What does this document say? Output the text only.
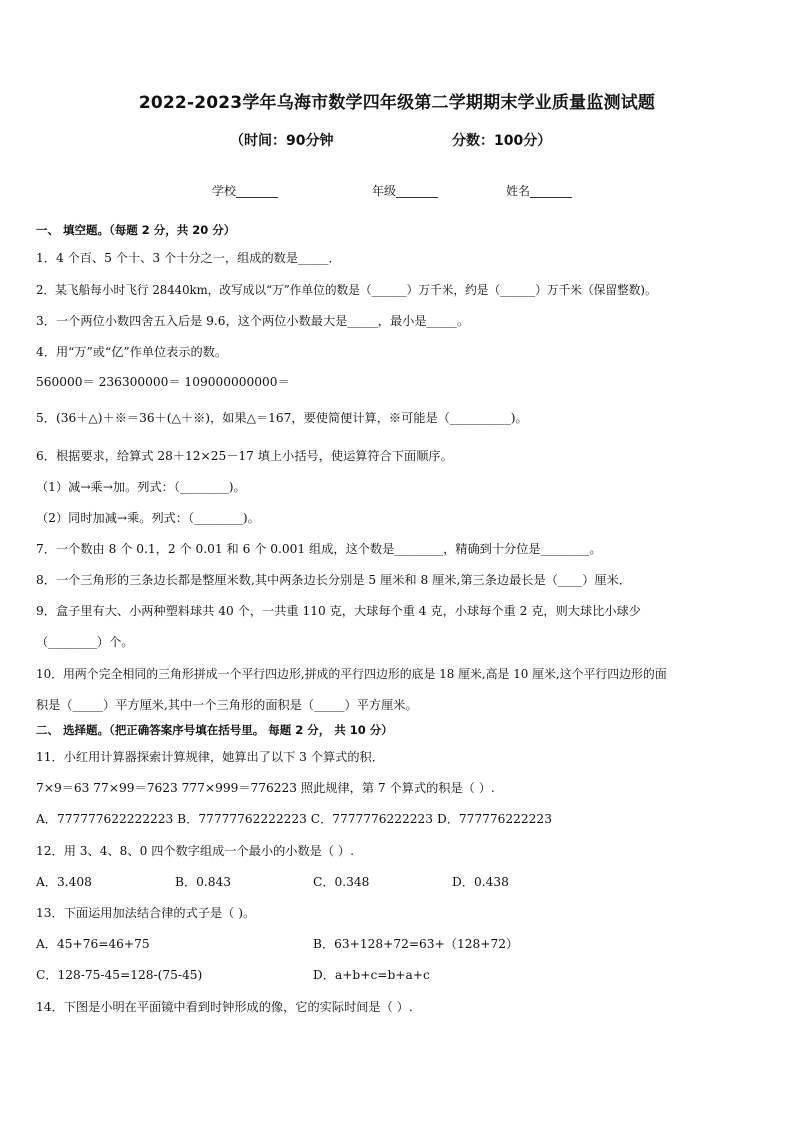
2022-2023学年乌海市数学四年级第二学期期末学业质量监测试题
（时间：90分钟	分数：100分）
学校_______	年级_______	姓名_______
一、 填空题。（每题 2 分，共 20 分）
1．4 个百、5 个十、3 个十分之一，组成的数是_____．
2．某飞船每小时飞行 28440km，改写成以“万”作单位的数是（______）万千米，约是（______）万千米（保留整数)。
3．一个两位小数四舍五入后是 9.6，这个两位小数最大是_____，最小是_____。
4．用“万”或“亿”作单位表示的数。
560000＝ 236300000＝ 109000000000＝
5．(36＋△)＋※＝36＋(△＋※)，如果△＝167，要使简便计算，※可能是（__________)。
6．根据要求，给算式 28＋12×25－17 填上小括号，使运算符合下面顺序。
（1）减→乘→加。列式：（________)。
（2）同时加减→乘。列式：（________)。
7．一个数由 8 个 0.1，2 个 0.01 和 6 个 0.001 组成，这个数是________，精确到十分位是________。
8．一个三角形的三条边长都是整厘米数,其中两条边长分别是 5 厘米和 8 厘米,第三条边最长是（____）厘米．
9．盒子里有大、小两种塑料球共 40 个，一共重 110 克，大球每个重 4 克，小球每个重 2 克，则大球比小球少
（________）个。
10．用两个完全相同的三角形拼成一个平行四边形,拼成的平行四边形的底是 18 厘米,高是 10 厘米,这个平行四边形的面
积是（_____）平方厘米,其中一个三角形的面积是（_____）平方厘米。
二、 选择题。（把正确答案序号填在括号里。 每题 2 分， 共 10 分）
11．小红用计算器探索计算规律，她算出了以下 3 个算式的积．
7×9＝63 77×99＝7623 777×999＝776223 照此规律，第 7 个算式的积是（ ）.
A．777777622222223 B．77777762222223 C．7777776222223 D．777776222223
12．用 3、4、8、0 四个数字组成一个最小的小数是（ ）.
A．3.408	B．0.843	C．0.348	D．0.438
13．下面运用加法结合律的式子是（ )。
A．45+76=46+75	B．63+128+72=63+（128+72）
C．128-75-45=128-(75-45)	D．a+b+c=b+a+c
14．下图是小明在平面镜中看到时钟形成的像，它的实际时间是（ ）.
